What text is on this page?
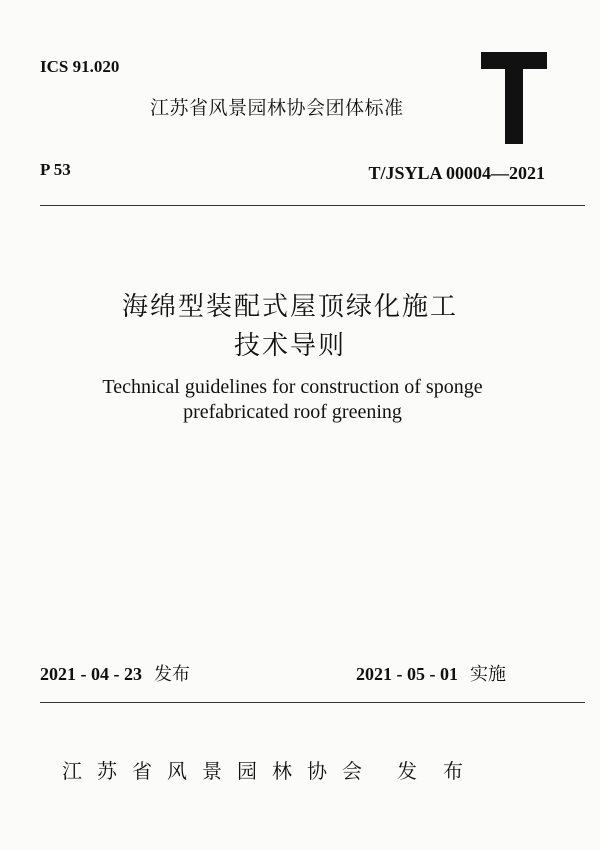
ICS 91.020
江苏省风景园林协会团体标准
P 53	T/JSYLA 00004—2021
海绵型装配式屋顶绿化施工
技术导则
Technical guidelines for construction of sponge
prefabricated roof greening
2021 - 04 - 23 发布	2021 - 05 - 01 实施
江苏省风景园林协会 发布
